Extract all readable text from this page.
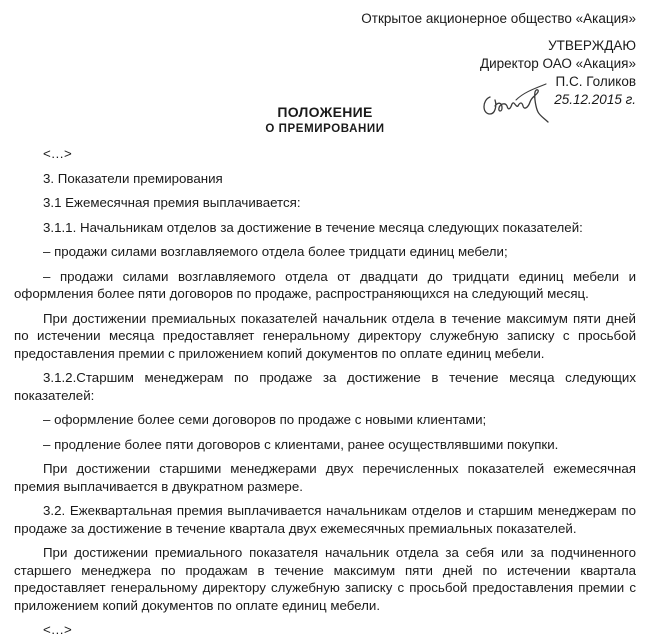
Открытое акционерное общество «Акация»
УТВЕРЖДАЮ
Директор ОАО «Акация»
П.С. Голиков
25.12.2015 г.
ПОЛОЖЕНИЕ
О ПРЕМИРОВАНИИ

<…>

3. Показатели премирования

3.1 Ежемесячная премия выплачивается:

3.1.1. Начальникам отделов за достижение в течение месяца следующих показателей:

– продажи силами возглавляемого отдела более тридцати единиц мебели;

– продажи силами возглавляемого отдела от двадцати до тридцати единиц мебели и оформления более пяти договоров по продаже, распространяющихся на следующий месяц.

При достижении премиальных показателей начальник отдела в течение максимум пяти дней по истечении месяца предоставляет генеральному директору служебную записку с просьбой предоставления премии с приложением копий документов по оплате единиц мебели.

3.1.2.Старшим менеджерам по продаже за достижение в течение месяца следующих показателей:

– оформление более семи договоров по продаже с новыми клиентами;

– продление более пяти договоров с клиентами, ранее осуществлявшими покупки.

При достижении старшими менеджерами двух перечисленных показателей ежемесячная премия выплачивается в двукратном размере.

3.2. Ежеквартальная премия выплачивается начальникам отделов и старшим менеджерам по продаже за достижение в течение квартала двух ежемесячных премиальных показателей.

При достижении премиального показателя начальник отдела за себя или за подчиненного старшего менеджера по продажам в течение максимум пяти дней по истечении квартала предоставляет генеральному директору служебную записку с просьбой предоставления премии с приложением копий документов по оплате единиц мебели.

<…>
